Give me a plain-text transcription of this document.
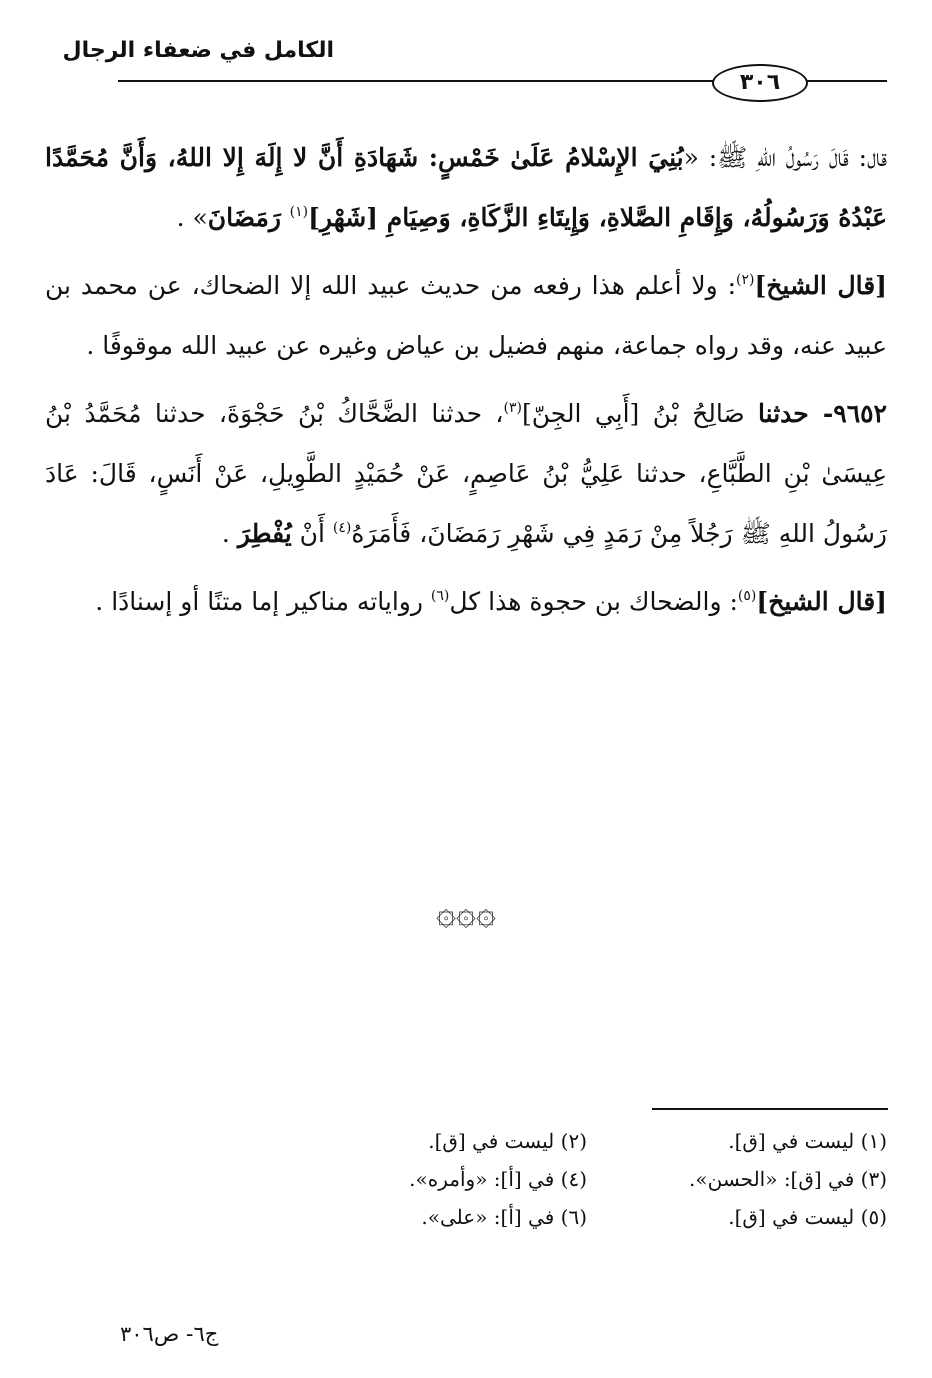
الكامل في ضعفاء الرجال
٣٠٦

قال: قَالَ رَسُولُ اللهِ ﷺ: «بُنِيَ الإِسْلامُ عَلَىٰ خَمْسٍ: شَهَادَةِ أَنَّ لا إِلَهَ إِلا اللهُ، وَأَنَّ مُحَمَّدًا عَبْدُهُ وَرَسُولُهُ، وَإِقَامِ الصَّلاةِ، وَإِيتَاءِ الزَّكَاةِ، وَصِيَامِ [شَهْرِ]$^{(١)}$ رَمَضَانَ» .

[قال الشيخ]$^{(٢)}$: ولا أعلم هذا رفعه من حديث عبيد الله إلا الضحاك، عن محمد بن عبيد عنه، وقد رواه جماعة، منهم فضيل بن عياض وغيره عن عبيد الله موقوفًا .

٩٦٥٢- حدثنا صَالِحُ بْنُ [أَبِي الجِنّ]$^{(٣)}$، حدثنا الضَّحَّاكُ بْنُ حَجْوَةَ، حدثنا مُحَمَّدُ بْنُ عِيسَىٰ بْنِ الطَّبَّاعِ، حدثنا عَلِيُّ بْنُ عَاصِمٍ، عَنْ حُمَيْدٍ الطَّوِيلِ، عَنْ أَنَسٍ، قَالَ: عَادَ رَسُولُ اللهِ ﷺ رَجُلاً مِنْ رَمَدٍ فِي شَهْرِ رَمَضَانَ، فَأَمَرَهُ$^{(٤)}$ أَنْ يُفْطِرَ .

[قال الشيخ]$^{(٥)}$: والضحاك بن حجوة هذا كل$^{(٦)}$ رواياته مناكير إما متنًا أو إسنادًا .

۞۞۞
(١) ليست في [ق].
(٢) ليست في [ق].
(٣) في [ق]: «الحسن».
(٤) في [أ]: «وأمره».
(٥) ليست في [ق].
(٦) في [أ]: «على».
ج٦- ص٣٠٦
